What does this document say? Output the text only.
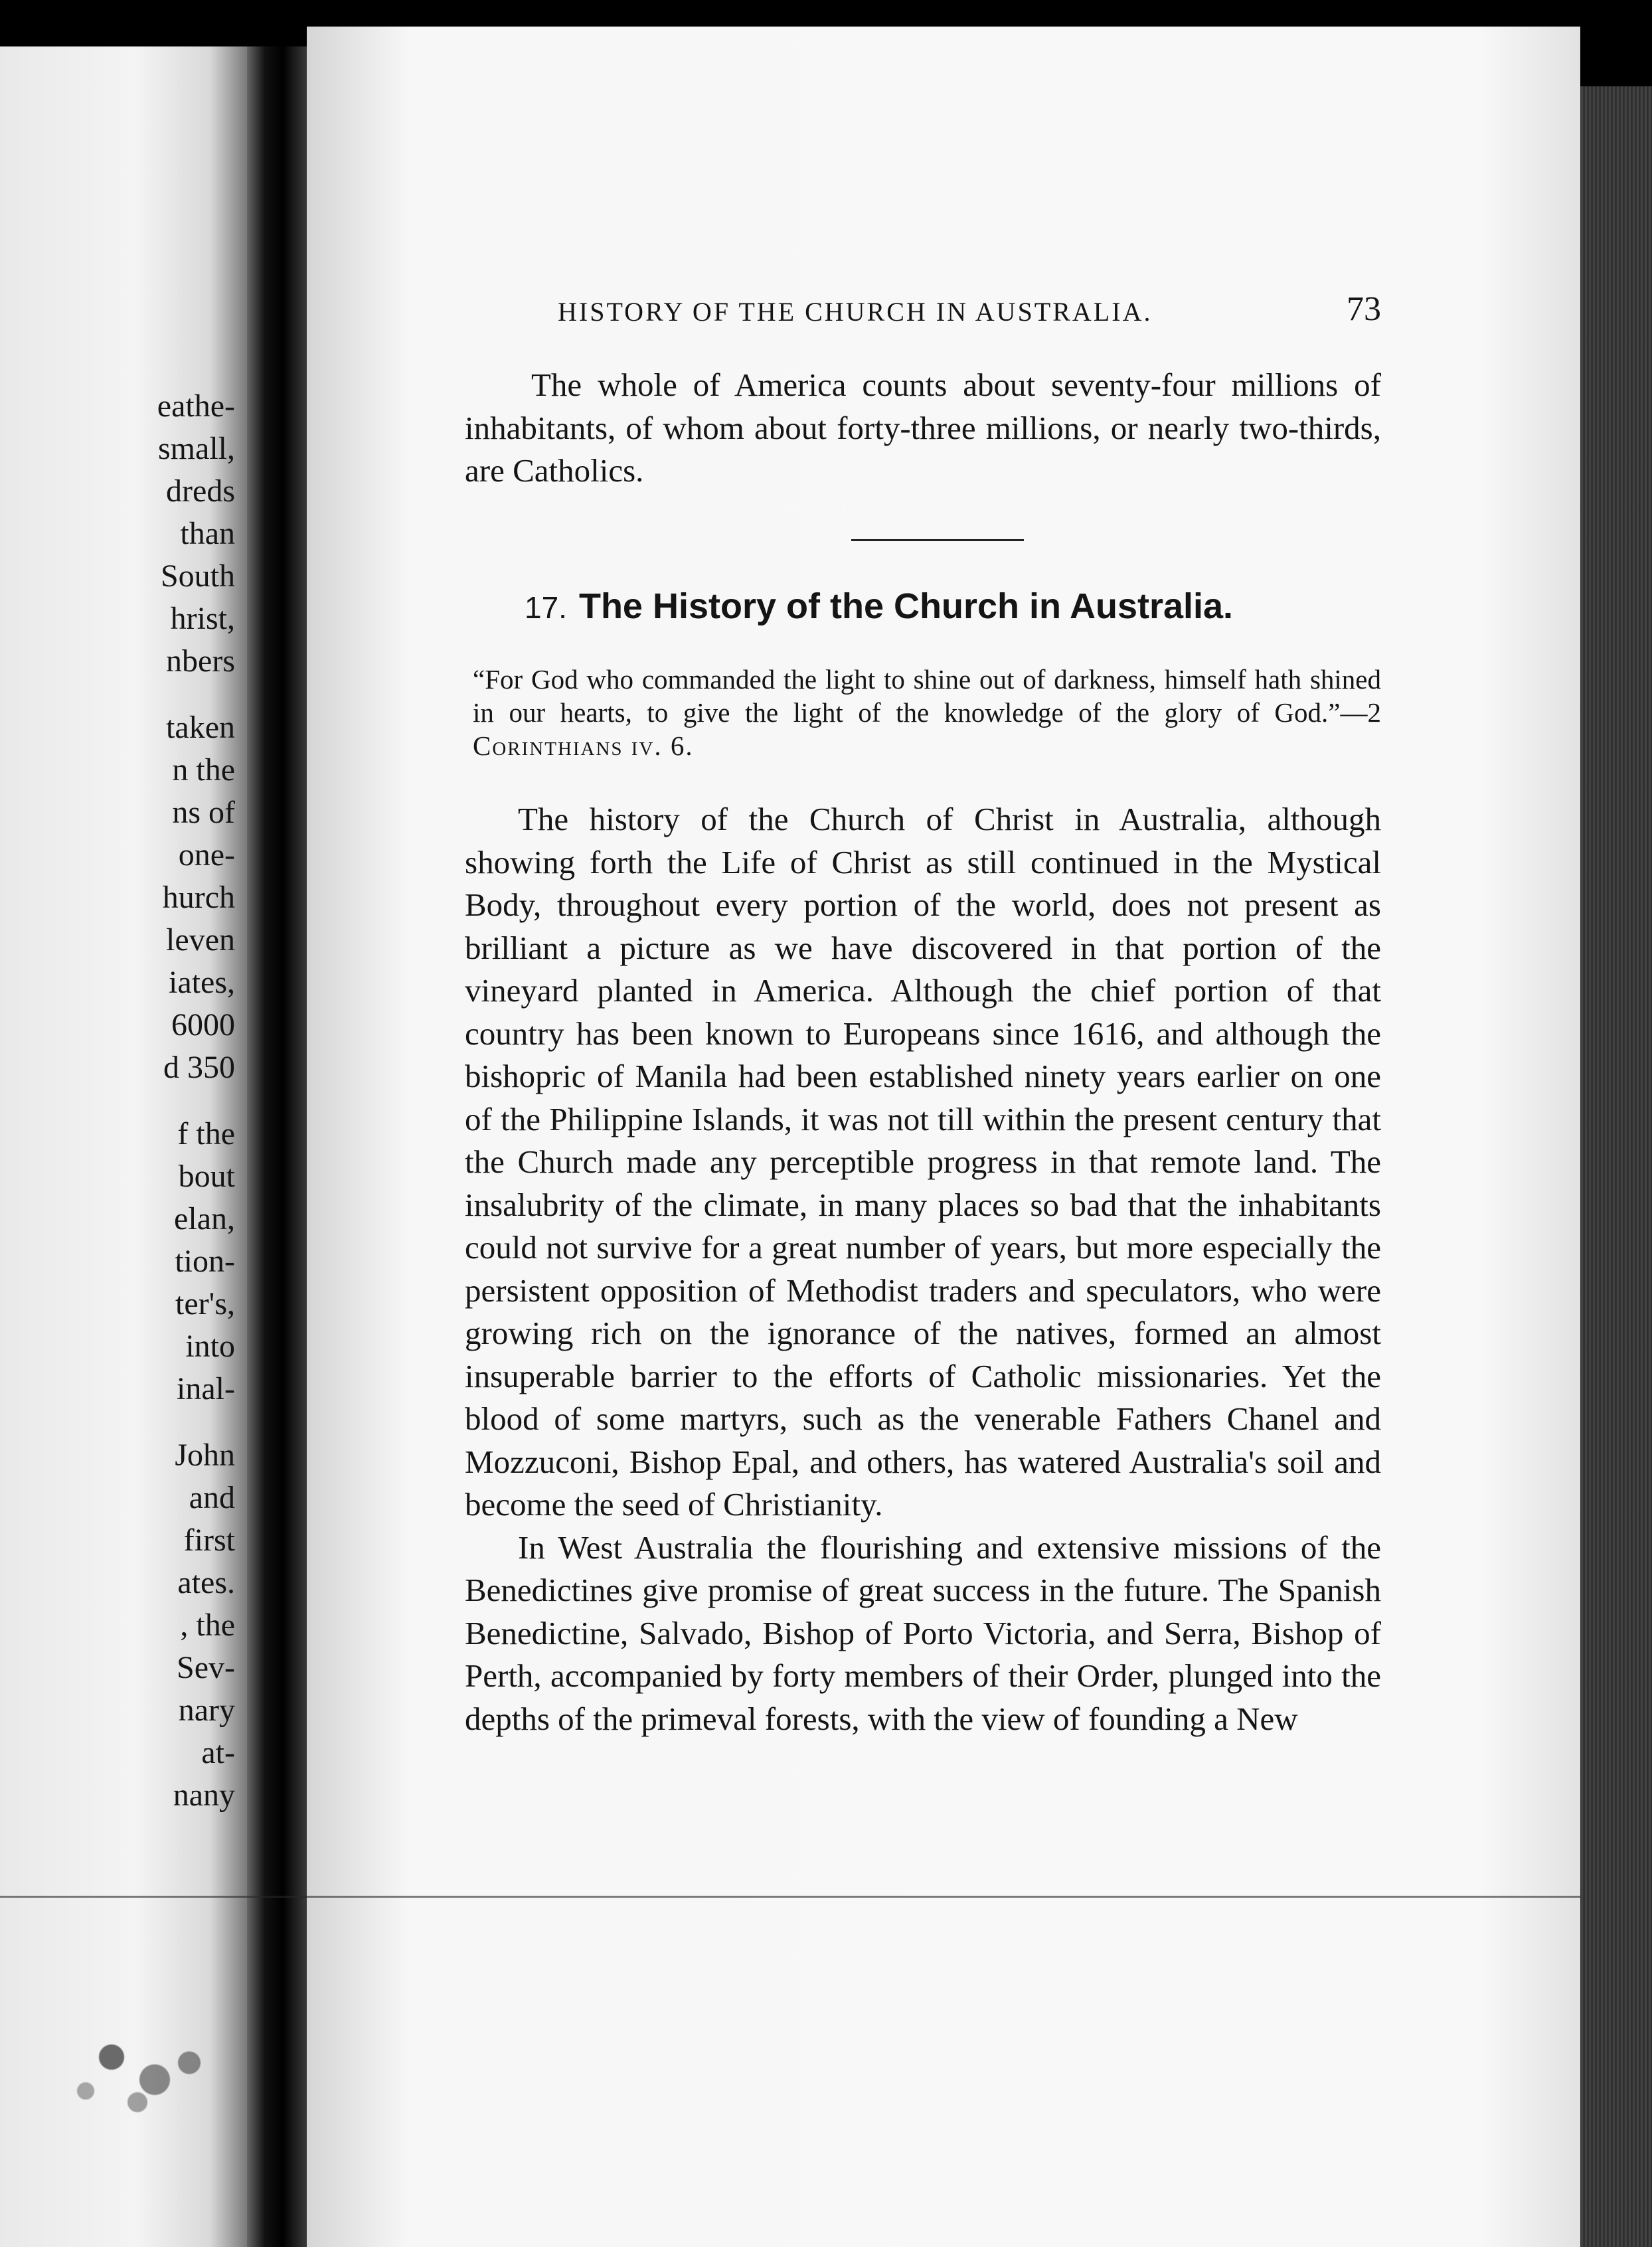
eathe-
small,
dreds
than
South
hrist,
nbers
taken
n the
ns of
one-
hurch
leven
iates,
6000
d 350
f the
bout
elan,
tion-
ter's,
into
inal-
John
and
first
ates.
, the
Sev-
nary
at-
nany
HISTORY OF THE CHURCH IN AUSTRALIA.	73

The whole of America counts about seventy-four millions of inhabitants, of whom about forty-three millions, or nearly two-thirds, are Catholics.

17. The History of the Church in Australia.
“For God who commanded the light to shine out of darkness, himself hath shined in our hearts, to give the light of the knowledge of the glory of God.”—2 Corinthians iv. 6.

The history of the Church of Christ in Australia, although showing forth the Life of Christ as still continued in the Mystical Body, throughout every portion of the world, does not present as brilliant a picture as we have discovered in that portion of the vineyard planted in America. Although the chief portion of that country has been known to Europeans since 1616, and although the bishopric of Manila had been established ninety years earlier on one of the Philippine Islands, it was not till within the present century that the Church made any perceptible progress in that remote land. The insalubrity of the climate, in many places so bad that the inhabitants could not survive for a great number of years, but more especially the persistent opposition of Methodist traders and speculators, who were growing rich on the ignorance of the natives, formed an almost insuperable barrier to the efforts of Catholic missionaries. Yet the blood of some martyrs, such as the venerable Fathers Chanel and Mozzuconi, Bishop Epal, and others, has watered Australia's soil and become the seed of Christianity.

In West Australia the flourishing and extensive missions of the Benedictines give promise of great success in the future. The Spanish Benedictine, Salvado, Bishop of Porto Victoria, and Serra, Bishop of Perth, accompanied by forty members of their Order, plunged into the depths of the primeval forests, with the view of founding a New
